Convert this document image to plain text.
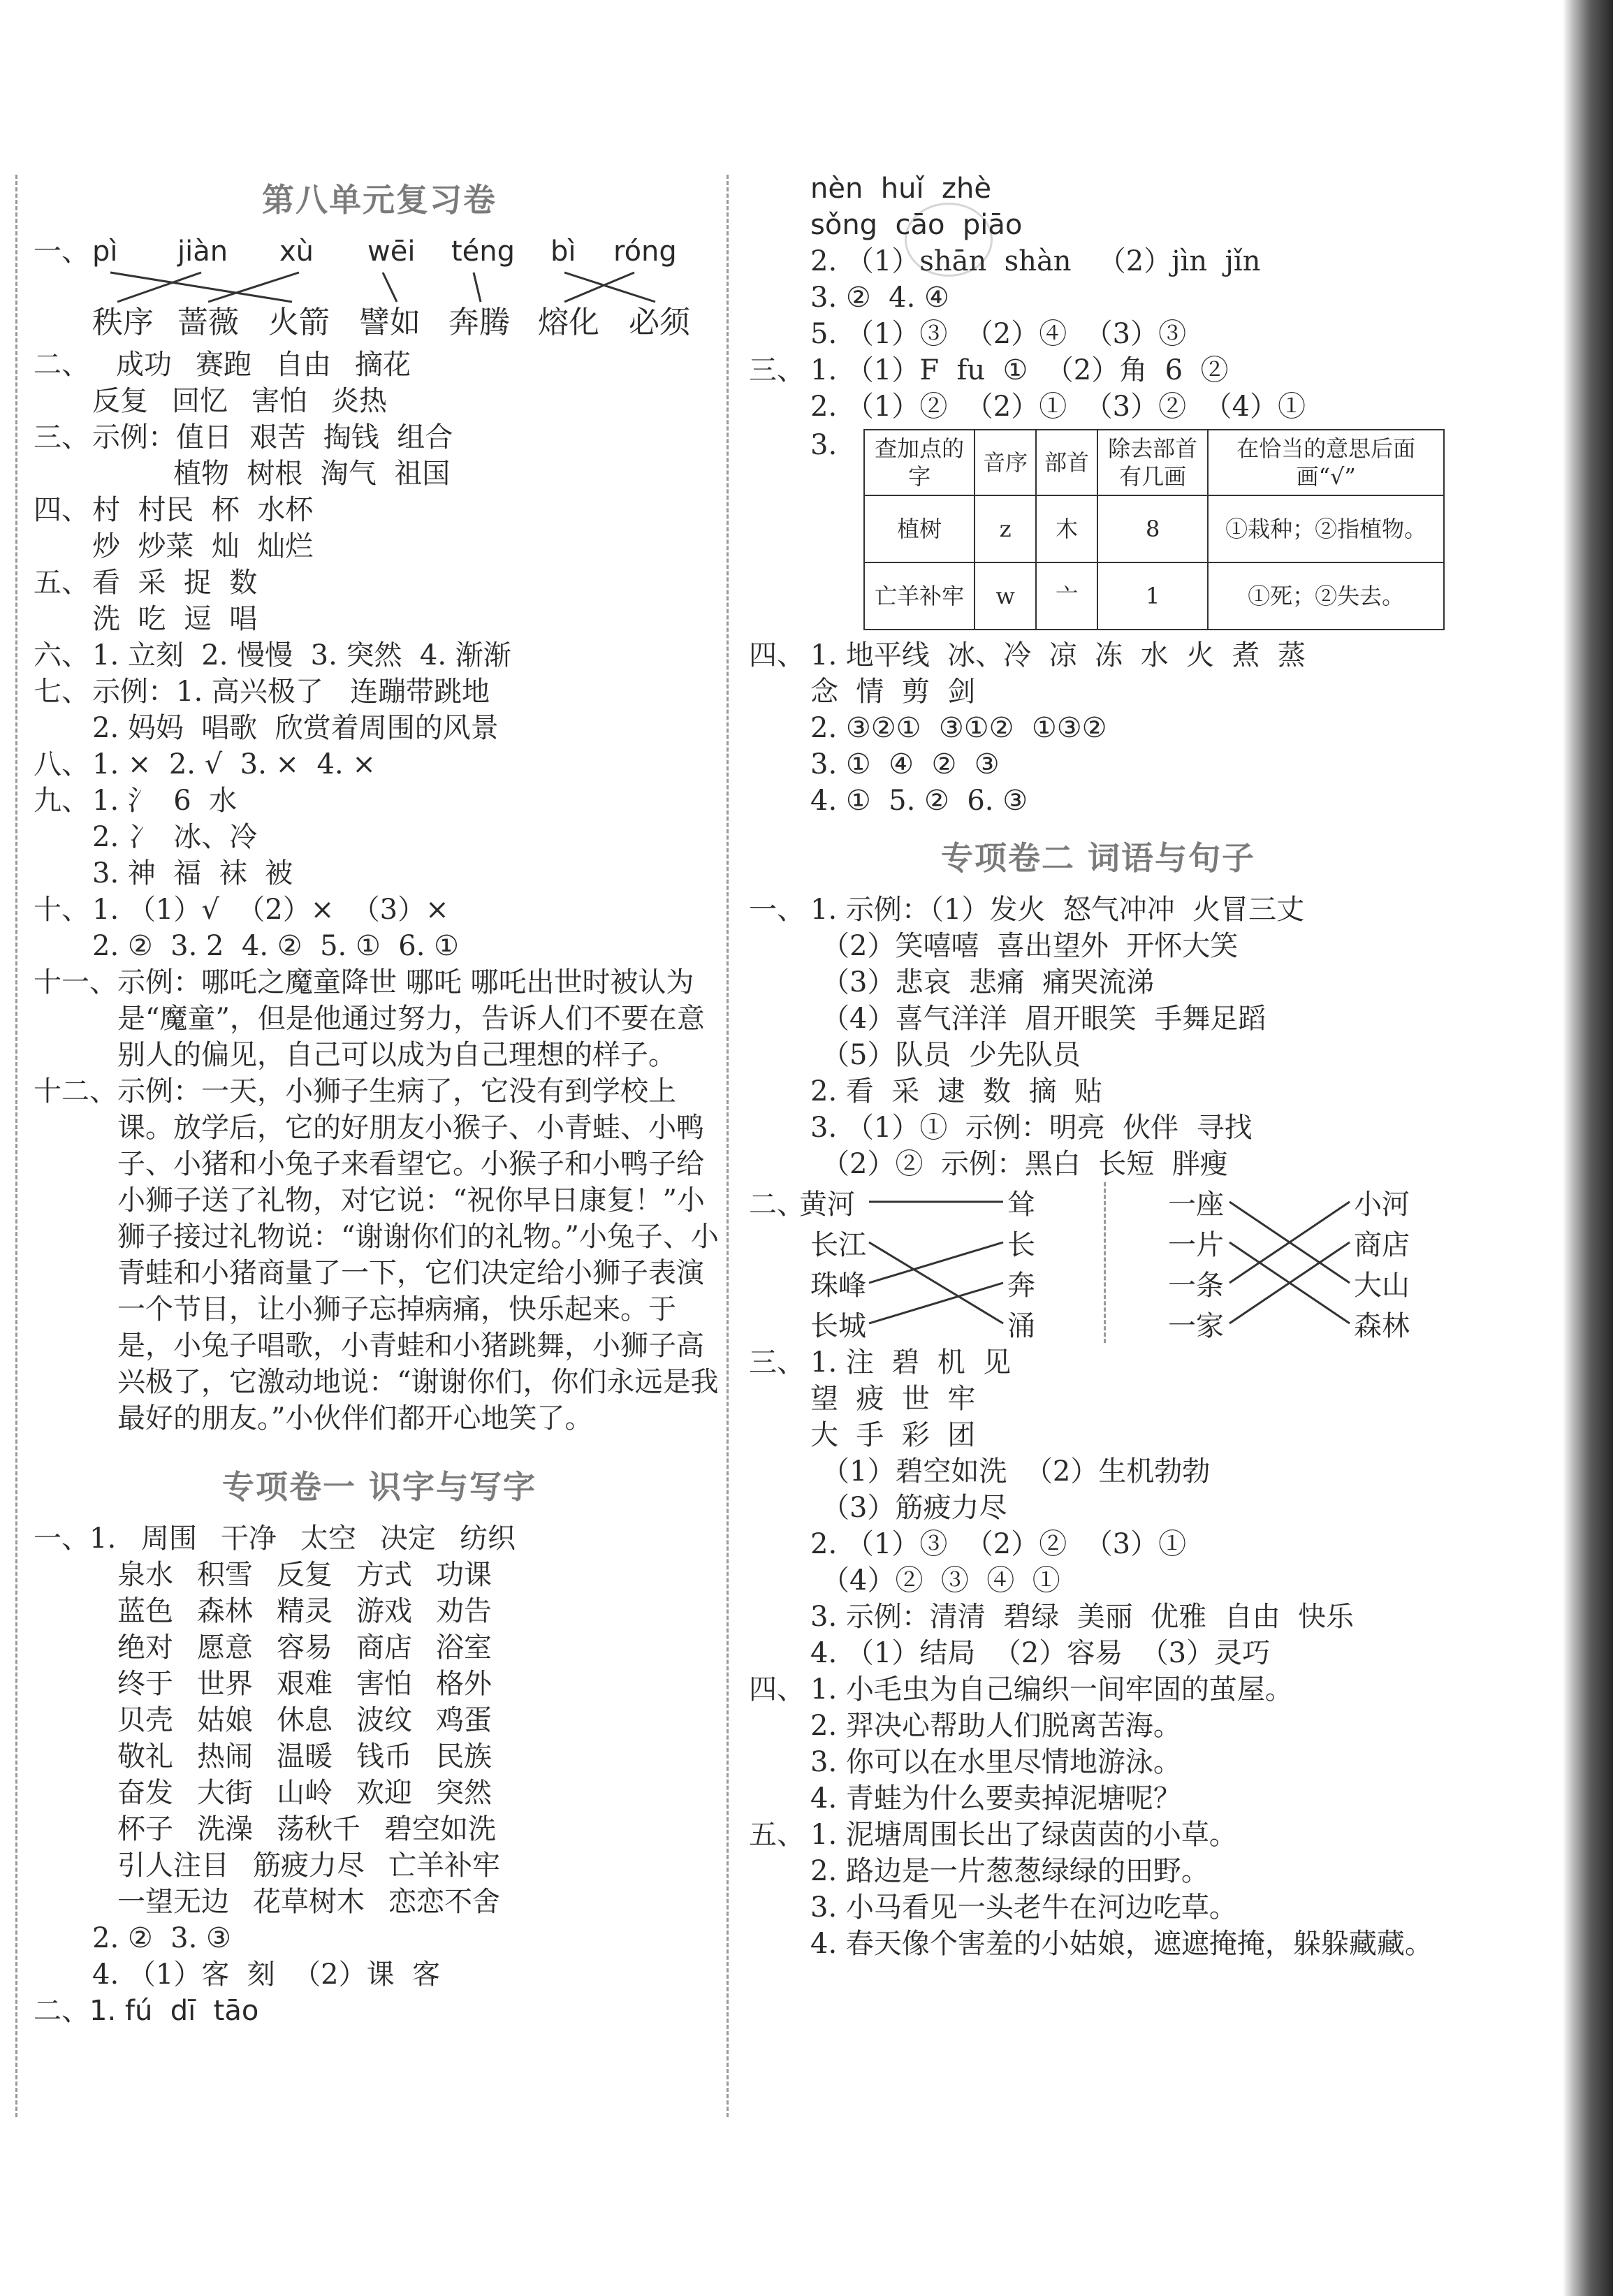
第八单元复习卷
一、 pì jiàn xù wēi téng bì róng
秩序 蔷薇 火箭 譬如 奔腾 熔化 必须
二、 成功 赛跑 自由 摘花
反复 回忆 害怕 炎热
三、 示例：值日  艰苦  掏钱  组合
植物  树根  淘气  祖国
四、 村  村民  杯  水杯
炒  炒菜  灿  灿烂
五、 看  采  捉  数
洗  吃  逗  唱
六、 1. 立刻  2. 慢慢  3. 突然  4. 渐渐
七、 示例：1. 高兴极了   连蹦带跳地
2. 妈妈  唱歌  欣赏着周围的风景
八、 1. ×  2. √  3. ×  4. ×
九、 1. 氵  6  水
2. 冫  冰、冷
3. 神  福  袜  被
十、 1. （1）√  （2）×  （3）×
2. ②  3. 2  4. ②  5. ①  6. ①
十一、示例：哪吒之魔童降世 哪吒 哪吒出世时被认为是“魔童”，但是他通过努力，告诉人们不要在意别人的偏见，自己可以成为自己理想的样子。
十二、示例：一天，小狮子生病了，它没有到学校上课。放学后，它的好朋友小猴子、小青蛙、小鸭子、小猪和小兔子来看望它。小猴子和小鸭子给小狮子送了礼物，对它说：“祝你早日康复！”小狮子接过礼物说：“谢谢你们的礼物。”小兔子、小青蛙和小猪商量了一下，它们决定给小狮子表演一个节目，让小狮子忘掉病痛，快乐起来。于是，小兔子唱歌，小青蛙和小猪跳舞，小狮子高兴极了，它激动地说：“谢谢你们，你们永远是我最好的朋友。”小伙伴们都开心地笑了。
专项卷一 识字与写字
一、1. 周围 干净 太空 决定 纺织
泉水 积雪 反复 方式 功课
蓝色 森林 精灵 游戏 劝告
绝对 愿意 容易 商店 浴室
终于 世界 艰难 害怕 格外
贝壳 姑娘 休息 波纹 鸡蛋
敬礼 热闹 温暖 钱币 民族
奋发 大街 山岭 欢迎 突然
杯子 洗澡 荡秋千 碧空如洗
引人注目 筋疲力尽 亡羊补牢
一望无边 花草树木 恋恋不舍
2. ②  3. ③
4. （1）客  刻  （2）课  客
二、 1. fú  dī  tāo
nèn  huǐ  zhè
sǒng  cāo  piāo
2. （1）shān  shàn   （2）jìn  jǐn
3. ②  4. ④
5. （1）③  （2）④  （3）③
三、 1. （1）F  fu  ①  （2）角  6  ②
2. （1）②  （2）①  （3）②  （4）①
3. 查加点的字	音序	部首	除去部首有几画	在恰当的意思后面画“√”
植树	z	木	8	①栽种；②指植物。
亡羊补牢	w	亠	1	①死；②失去。
四、 1. 地平线  冰、冷  凉  冻  水  火  煮  蒸
念  情  剪  剑
2. ③②①  ③①②  ①③②
3. ①  ④  ②  ③
4. ①  5. ②  6. ③
专项卷二 词语与句子
一、 1. 示例：（1）发火  怒气冲冲  火冒三丈
（2）笑嘻嘻  喜出望外  开怀大笑
（3）悲哀  悲痛  痛哭流涕
（4）喜气洋洋  眉开眼笑  手舞足蹈
（5）队员  少先队员
2. 看  采  逮  数  摘  贴
3. （1）①  示例：明亮  伙伴  寻找
（2）②  示例：黑白  长短  胖瘦
二、
黄河
长江
珠峰
长城
耸
长
奔
涌
一座
一片
一条
一家
小河
商店
大山
森林
三、 1. 注  碧  机  见
望  疲  世  牢
大  手  彩  团
（1）碧空如洗  （2）生机勃勃
（3）筋疲力尽
2. （1）③  （2）②  （3）①
（4）②  ③  ④  ①
3. 示例：清清  碧绿  美丽  优雅  自由  快乐
4. （1）结局  （2）容易  （3）灵巧
四、 1. 小毛虫为自己编织一间牢固的茧屋。
2. 羿决心帮助人们脱离苦海。
3. 你可以在水里尽情地游泳。
4. 青蛙为什么要卖掉泥塘呢？
五、 1. 泥塘周围长出了绿茵茵的小草。
2. 路边是一片葱葱绿绿的田野。
3. 小马看见一头老牛在河边吃草。
4. 春天像个害羞的小姑娘，遮遮掩掩，躲躲藏藏。
